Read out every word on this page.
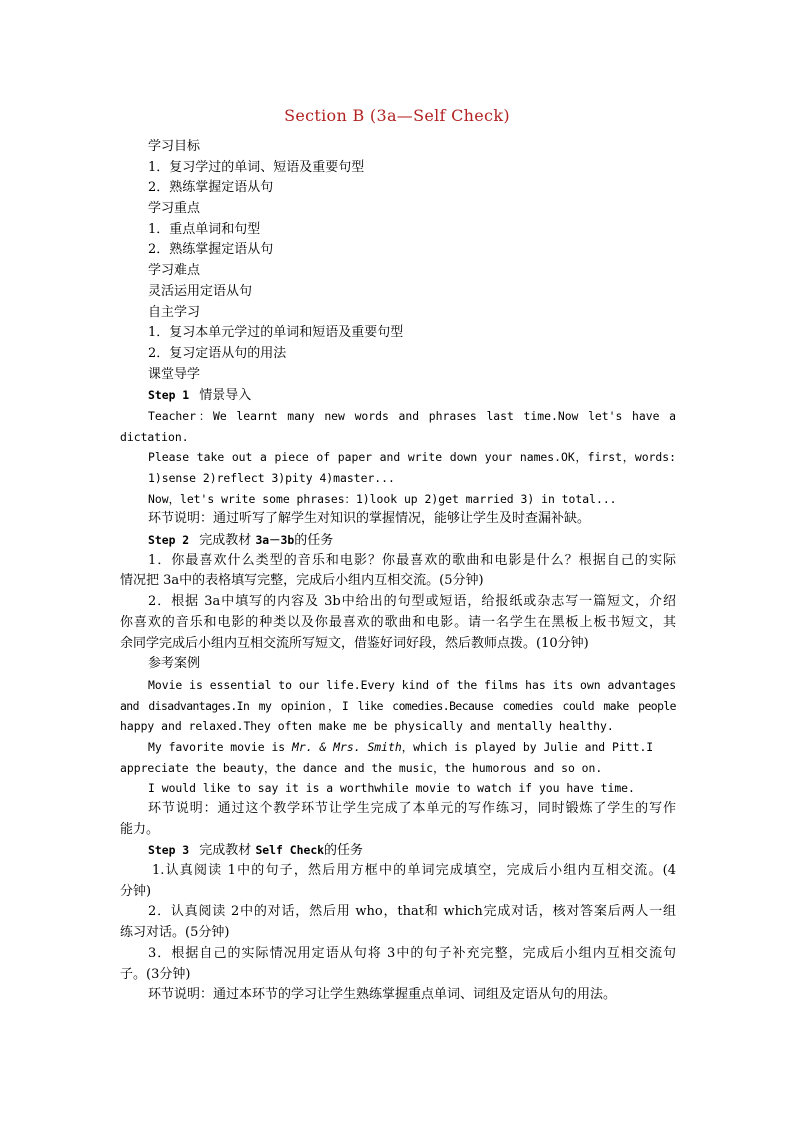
Section B (3a—Self Check)
学习目标
1．复习学过的单词、短语及重要句型
2．熟练掌握定语从句
学习重点
1．重点单词和句型
2．熟练掌握定语从句
学习难点
灵活运用定语从句
自主学习
1．复习本单元学过的单词和短语及重要句型
2．复习定语从句的用法
课堂导学
Step 1 情景导入
Teacher：We learnt many new words and phrases last time.Now let's have a
dictation.
Please take out a piece of paper and write down your names.OK，first，words:
1)sense 2)reflect 3)pity 4)master...
Now，let's write some phrases：1)look up 2)get married 3) in total...
环节说明：通过听写了解学生对知识的掌握情况，能够让学生及时查漏补缺。
Step 2 完成教材 3a－3b的任务
1．你最喜欢什么类型的音乐和电影？你最喜欢的歌曲和电影是什么？根据自己的实际
情况把 3a中的表格填写完整，完成后小组内互相交流。(5分钟)
2．根据 3a中填写的内容及 3b中给出的句型或短语，给报纸或杂志写一篇短文，介绍
你喜欢的音乐和电影的种类以及你最喜欢的歌曲和电影。请一名学生在黑板上板书短文，其
余同学完成后小组内互相交流所写短文，借鉴好词好段，然后教师点拨。(10分钟)
参考案例
Movie is essential to our life.Every kind of the films has its own advantages
and disadvantages.In my opinion，I like comedies.Because comedies could make people
happy and relaxed.They often make me be physically and mentally healthy.
My favorite movie is Mr. & Mrs. Smith，which is played by Julie and Pitt.I
appreciate the beauty，the dance and the music，the humorous and so on.
I would like to say it is a worthwhile movie to watch if you have time.
环节说明：通过这个教学环节让学生完成了本单元的写作练习，同时锻炼了学生的写作
能力。
Step 3 完成教材 Self Check的任务
1.认真阅读 1中的句子，然后用方框中的单词完成填空，完成后小组内互相交流。(4
分钟)
2．认真阅读 2中的对话，然后用 who，that和 which完成对话，核对答案后两人一组
练习对话。(5分钟)
3．根据自己的实际情况用定语从句将 3中的句子补充完整，完成后小组内互相交流句
子。(3分钟)
环节说明：通过本环节的学习让学生熟练掌握重点单词、词组及定语从句的用法。
